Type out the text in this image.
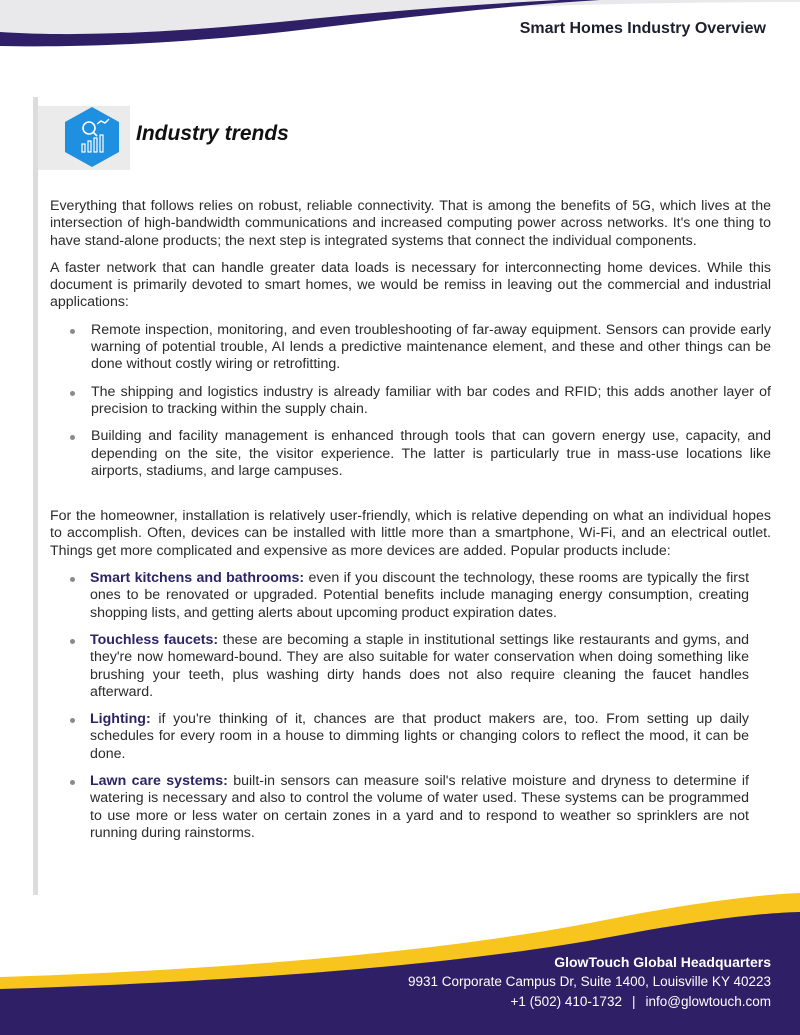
Smart Homes Industry Overview
Industry trends

Everything that follows relies on robust, reliable connectivity. That is among the benefits of 5G, which lives at the intersection of high-bandwidth communications and increased computing power across networks. It's one thing to have stand-alone products; the next step is integrated systems that connect the individual components.

A faster network that can handle greater data loads is necessary for interconnecting home devices. While this document is primarily devoted to smart homes, we would be remiss in leaving out the commercial and industrial applications:

Remote inspection, monitoring, and even troubleshooting of far-away equipment. Sensors can provide early warning of potential trouble, AI lends a predictive maintenance element, and these and other things can be done without costly wiring or retrofitting.
The shipping and logistics industry is already familiar with bar codes and RFID; this adds another layer of precision to tracking within the supply chain.
Building and facility management is enhanced through tools that can govern energy use, capacity, and depending on the site, the visitor experience. The latter is particularly true in mass-use locations like airports, stadiums, and large campuses.

For the homeowner, installation is relatively user-friendly, which is relative depending on what an individual hopes to accomplish. Often, devices can be installed with little more than a smartphone, Wi-Fi, and an electrical outlet. Things get more complicated and expensive as more devices are added. Popular products include:

Smart kitchens and bathrooms: even if you discount the technology, these rooms are typically the first ones to be renovated or upgraded. Potential benefits include managing energy consumption, creating shopping lists, and getting alerts about upcoming product expiration dates.
Touchless faucets: these are becoming a staple in institutional settings like restaurants and gyms, and they're now homeward-bound. They are also suitable for water conservation when doing something like brushing your teeth, plus washing dirty hands does not also require cleaning the faucet handles afterward.
Lighting: if you're thinking of it, chances are that product makers are, too. From setting up daily schedules for every room in a house to dimming lights or changing colors to reflect the mood, it can be done.
Lawn care systems: built-in sensors can measure soil's relative moisture and dryness to determine if watering is necessary and also to control the volume of water used. These systems can be programmed to use more or less water on certain zones in a yard and to respond to weather so sprinklers are not running during rainstorms.
GlowTouch Global Headquarters
9931 Corporate Campus Dr, Suite 1400, Louisville KY 40223
+1 (502) 410-1732 | info@glowtouch.com
